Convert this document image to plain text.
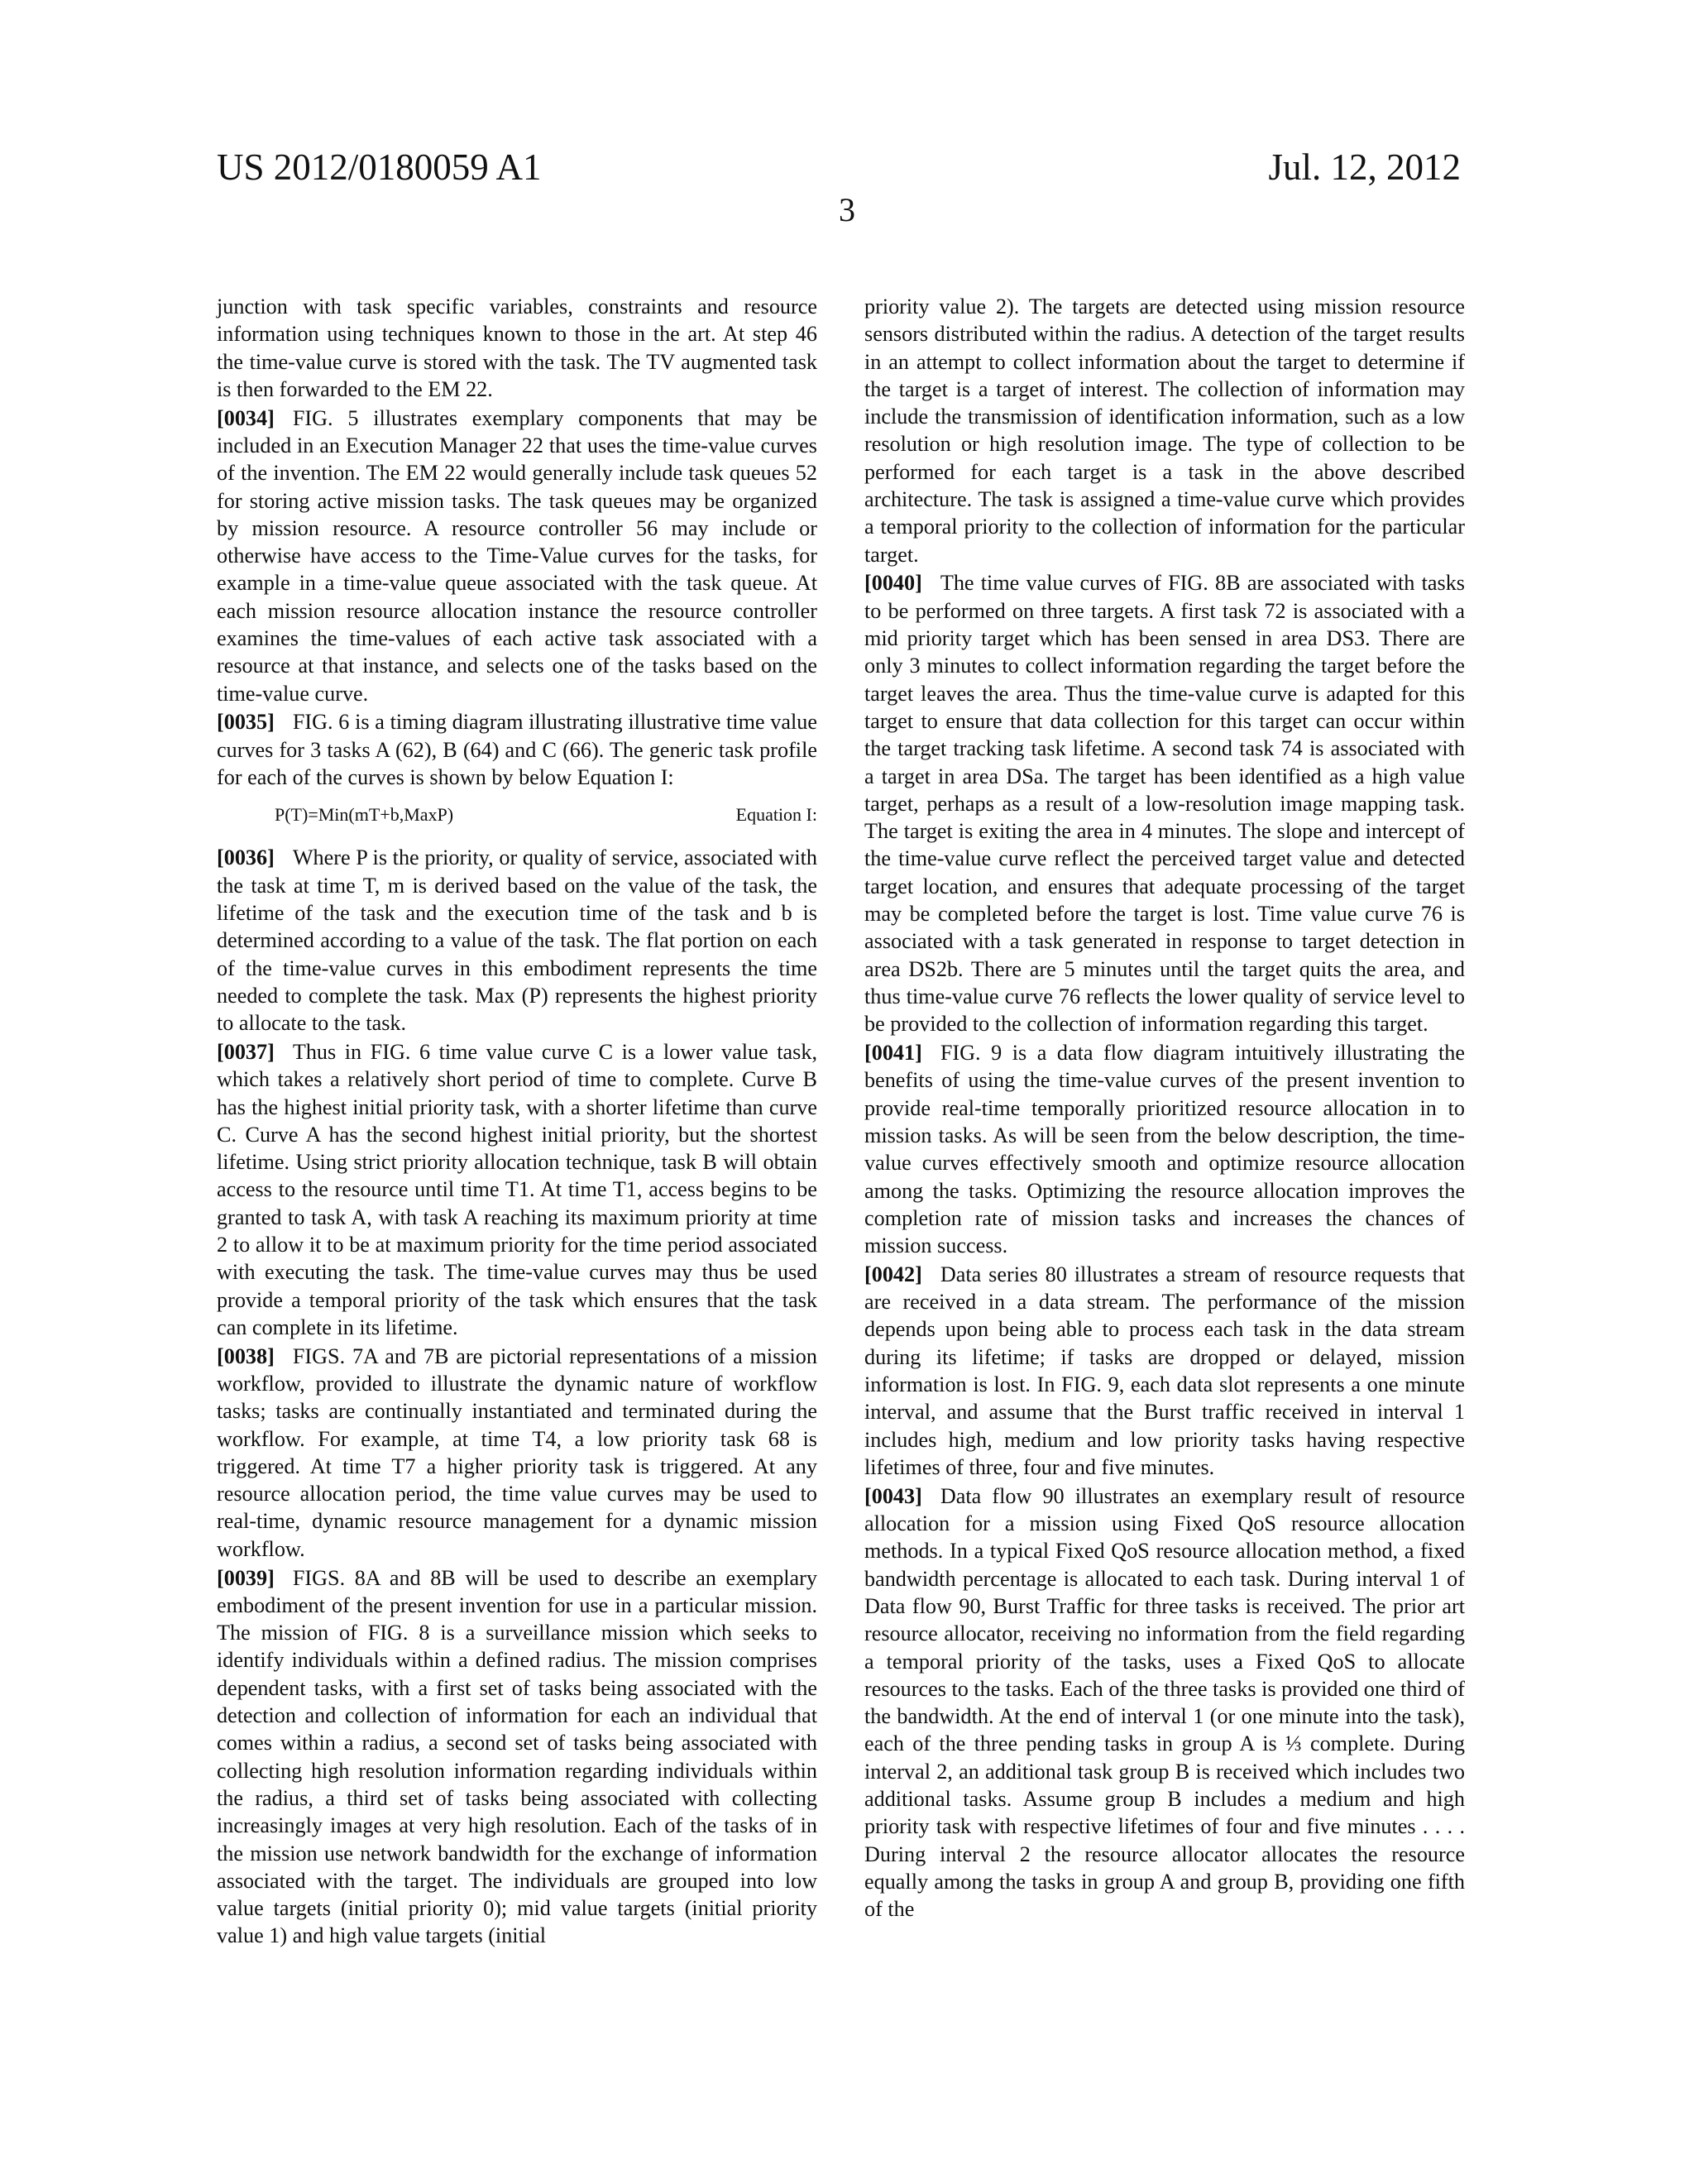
US 2012/0180059 A1	Jul. 12, 2012
3

junction with task specific variables, constraints and resource information using techniques known to those in the art. At step 46 the time-value curve is stored with the task. The TV augmented task is then forwarded to the EM 22.

[0034] FIG. 5 illustrates exemplary components that may be included in an Execution Manager 22 that uses the time-value curves of the invention. The EM 22 would generally include task queues 52 for storing active mission tasks. The task queues may be organized by mission resource. A resource controller 56 may include or otherwise have access to the Time-Value curves for the tasks, for example in a time-value queue associated with the task queue. At each mission resource allocation instance the resource controller examines the time-values of each active task associated with a resource at that instance, and selects one of the tasks based on the time-value curve.

[0035] FIG. 6 is a timing diagram illustrating illustrative time value curves for 3 tasks A (62), B (64) and C (66). The generic task profile for each of the curves is shown by below Equation I:

P(T)=Min(mT+b,MaxP)	Equation I:

[0036] Where P is the priority, or quality of service, associated with the task at time T, m is derived based on the value of the task, the lifetime of the task and the execution time of the task and b is determined according to a value of the task. The flat portion on each of the time-value curves in this embodiment represents the time needed to complete the task. Max (P) represents the highest priority to allocate to the task.

[0037] Thus in FIG. 6 time value curve C is a lower value task, which takes a relatively short period of time to complete. Curve B has the highest initial priority task, with a shorter lifetime than curve C. Curve A has the second highest initial priority, but the shortest lifetime. Using strict priority allocation technique, task B will obtain access to the resource until time T1. At time T1, access begins to be granted to task A, with task A reaching its maximum priority at time 2 to allow it to be at maximum priority for the time period associated with executing the task. The time-value curves may thus be used provide a temporal priority of the task which ensures that the task can complete in its lifetime.

[0038] FIGS. 7A and 7B are pictorial representations of a mission workflow, provided to illustrate the dynamic nature of workflow tasks; tasks are continually instantiated and terminated during the workflow. For example, at time T4, a low priority task 68 is triggered. At time T7 a higher priority task is triggered. At any resource allocation period, the time value curves may be used to real-time, dynamic resource management for a dynamic mission workflow.

[0039] FIGS. 8A and 8B will be used to describe an exemplary embodiment of the present invention for use in a particular mission. The mission of FIG. 8 is a surveillance mission which seeks to identify individuals within a defined radius. The mission comprises dependent tasks, with a first set of tasks being associated with the detection and collection of information for each an individual that comes within a radius, a second set of tasks being associated with collecting high resolution information regarding individuals within the radius, a third set of tasks being associated with collecting increasingly images at very high resolution. Each of the tasks of in the mission use network bandwidth for the exchange of information associated with the target. The individuals are grouped into low value targets (initial priority 0); mid value targets (initial priority value 1) and high value targets (initial

priority value 2). The targets are detected using mission resource sensors distributed within the radius. A detection of the target results in an attempt to collect information about the target to determine if the target is a target of interest. The collection of information may include the transmission of identification information, such as a low resolution or high resolution image. The type of collection to be performed for each target is a task in the above described architecture. The task is assigned a time-value curve which provides a temporal priority to the collection of information for the particular target.

[0040] The time value curves of FIG. 8B are associated with tasks to be performed on three targets. A first task 72 is associated with a mid priority target which has been sensed in area DS3. There are only 3 minutes to collect information regarding the target before the target leaves the area. Thus the time-value curve is adapted for this target to ensure that data collection for this target can occur within the target tracking task lifetime. A second task 74 is associated with a target in area DSa. The target has been identified as a high value target, perhaps as a result of a low-resolution image mapping task. The target is exiting the area in 4 minutes. The slope and intercept of the time-value curve reflect the perceived target value and detected target location, and ensures that adequate processing of the target may be completed before the target is lost. Time value curve 76 is associated with a task generated in response to target detection in area DS2b. There are 5 minutes until the target quits the area, and thus time-value curve 76 reflects the lower quality of service level to be provided to the collection of information regarding this target.

[0041] FIG. 9 is a data flow diagram intuitively illustrating the benefits of using the time-value curves of the present invention to provide real-time temporally prioritized resource allocation in to mission tasks. As will be seen from the below description, the time-value curves effectively smooth and optimize resource allocation among the tasks. Optimizing the resource allocation improves the completion rate of mission tasks and increases the chances of mission success.

[0042] Data series 80 illustrates a stream of resource requests that are received in a data stream. The performance of the mission depends upon being able to process each task in the data stream during its lifetime; if tasks are dropped or delayed, mission information is lost. In FIG. 9, each data slot represents a one minute interval, and assume that the Burst traffic received in interval 1 includes high, medium and low priority tasks having respective lifetimes of three, four and five minutes.

[0043] Data flow 90 illustrates an exemplary result of resource allocation for a mission using Fixed QoS resource allocation methods. In a typical Fixed QoS resource allocation method, a fixed bandwidth percentage is allocated to each task. During interval 1 of Data flow 90, Burst Traffic for three tasks is received. The prior art resource allocator, receiving no information from the field regarding a temporal priority of the tasks, uses a Fixed QoS to allocate resources to the tasks. Each of the three tasks is provided one third of the bandwidth. At the end of interval 1 (or one minute into the task), each of the three pending tasks in group A is ⅓ complete. During interval 2, an additional task group B is received which includes two additional tasks. Assume group B includes a medium and high priority task with respective lifetimes of four and five minutes . . . . During interval 2 the resource allocator allocates the resource equally among the tasks in group A and group B, providing one fifth of the
